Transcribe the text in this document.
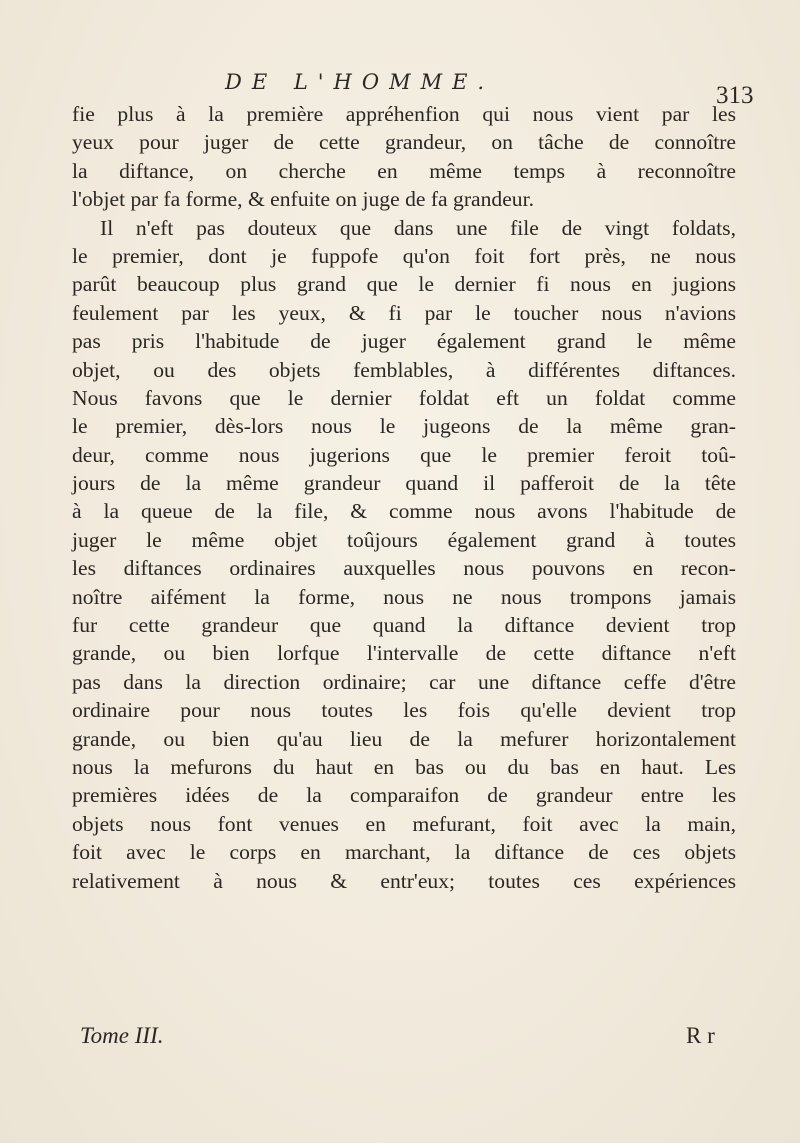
DE L'HOMME.	313
fie plus à la première appréhenfion qui nous vient par les
yeux pour juger de cette grandeur, on tâche de connoître
la diftance, on cherche en même temps à reconnoître
l'objet par fa forme, & enfuite on juge de fa grandeur.
Il n'eft pas douteux que dans une file de vingt foldats,
le premier, dont je fuppofe qu'on foit fort près, ne nous
parût beaucoup plus grand que le dernier fi nous en jugions
feulement par les yeux, & fi par le toucher nous n'avions
pas pris l'habitude de juger également grand le même
objet, ou des objets femblables, à différentes diftances.
Nous favons que le dernier foldat eft un foldat comme
le premier, dès-lors nous le jugeons de la même gran-
deur, comme nous jugerions que le premier feroit toû-
jours de la même grandeur quand il pafferoit de la tête
à la queue de la file, & comme nous avons l'habitude de
juger le même objet toûjours également grand à toutes
les diftances ordinaires auxquelles nous pouvons en recon-
noître aifément la forme, nous ne nous trompons jamais
fur cette grandeur que quand la diftance devient trop
grande, ou bien lorfque l'intervalle de cette diftance n'eft
pas dans la direction ordinaire; car une diftance ceffe d'être
ordinaire pour nous toutes les fois qu'elle devient trop
grande, ou bien qu'au lieu de la mefurer horizontalement
nous la mefurons du haut en bas ou du bas en haut. Les
premières idées de la comparaifon de grandeur entre les
objets nous font venues en mefurant, foit avec la main,
foit avec le corps en marchant, la diftance de ces objets
relativement à nous & entr'eux; toutes ces expériences
Tome III.	R r
